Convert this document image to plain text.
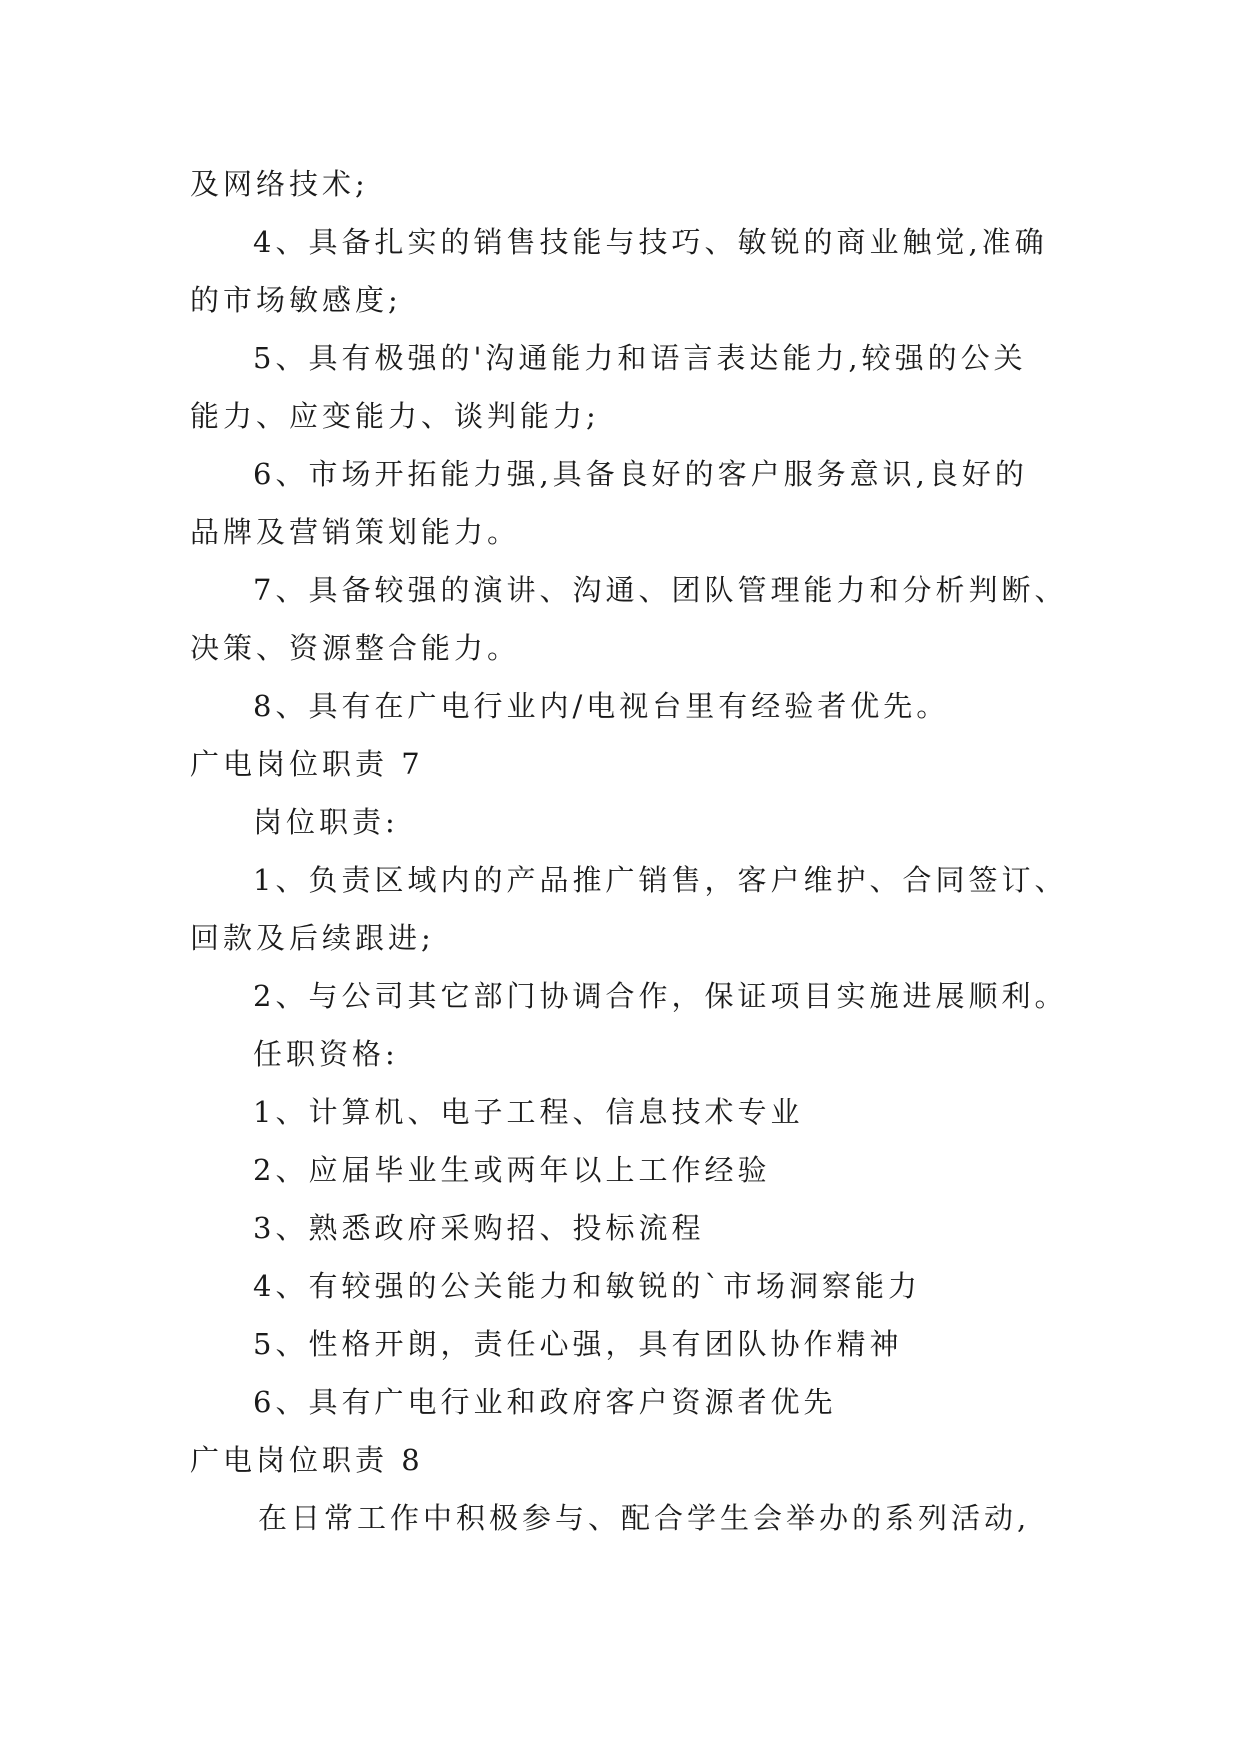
及网络技术;
4、具备扎实的销售技能与技巧、敏锐的商业触觉,准确
的市场敏感度;
5、具有极强的'沟通能力和语言表达能力,较强的公关
能力、应变能力、谈判能力;
6、市场开拓能力强,具备良好的客户服务意识,良好的
品牌及营销策划能力。
7、具备较强的演讲、沟通、团队管理能力和分析判断、
决策、资源整合能力。
8、具有在广电行业内/电视台里有经验者优先。
广电岗位职责 7
岗位职责:
1、负责区域内的产品推广销售，客户维护、合同签订、
回款及后续跟进;
2、与公司其它部门协调合作，保证项目实施进展顺利。
任职资格:
1、计算机、电子工程、信息技术专业
2、应届毕业生或两年以上工作经验
3、熟悉政府采购招、投标流程
4、有较强的公关能力和敏锐的`市场洞察能力
5、性格开朗，责任心强，具有团队协作精神
6、具有广电行业和政府客户资源者优先
广电岗位职责 8
在日常工作中积极参与、配合学生会举办的系列活动,
